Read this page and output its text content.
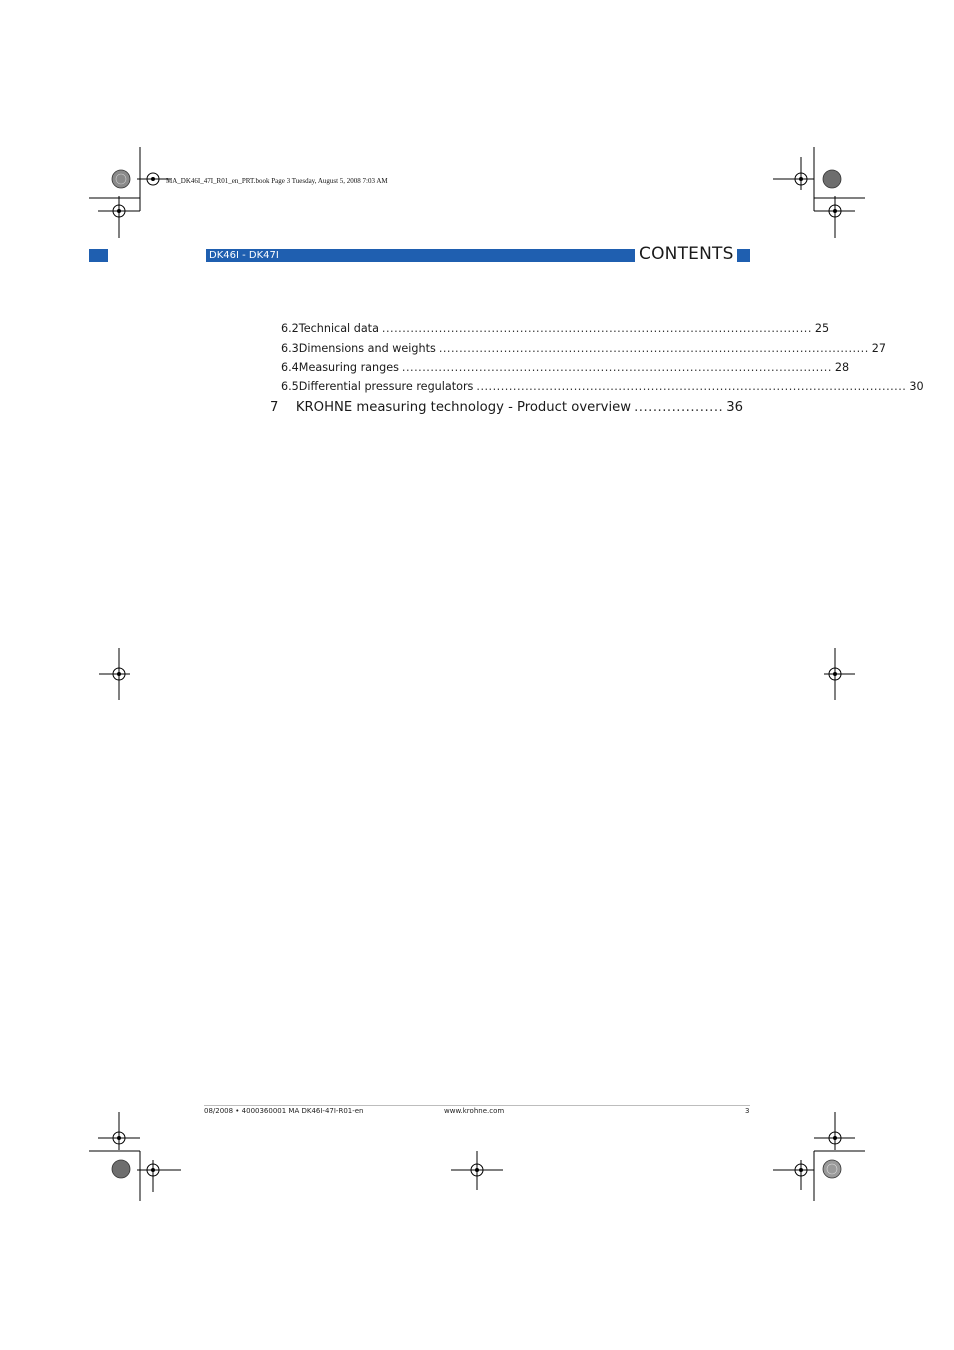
MA_DK46I_47I_R01_en_PRT.book Page 3 Tuesday, August 5, 2008 7:03 AM
DK46I - DK47I	CONTENTS
6.2 Technical data .......................................................................................................... 25
6.3 Dimensions and weights .......................................................................................................... 27
6.4 Measuring ranges .......................................................................................................... 28
6.5 Differential pressure regulators .......................................................................................................... 30
7	KROHNE measuring technology - Product overview ................... 36
08/2008 • 4000360001 MA DK46I-47I-R01-en	www.krohne.com	3
